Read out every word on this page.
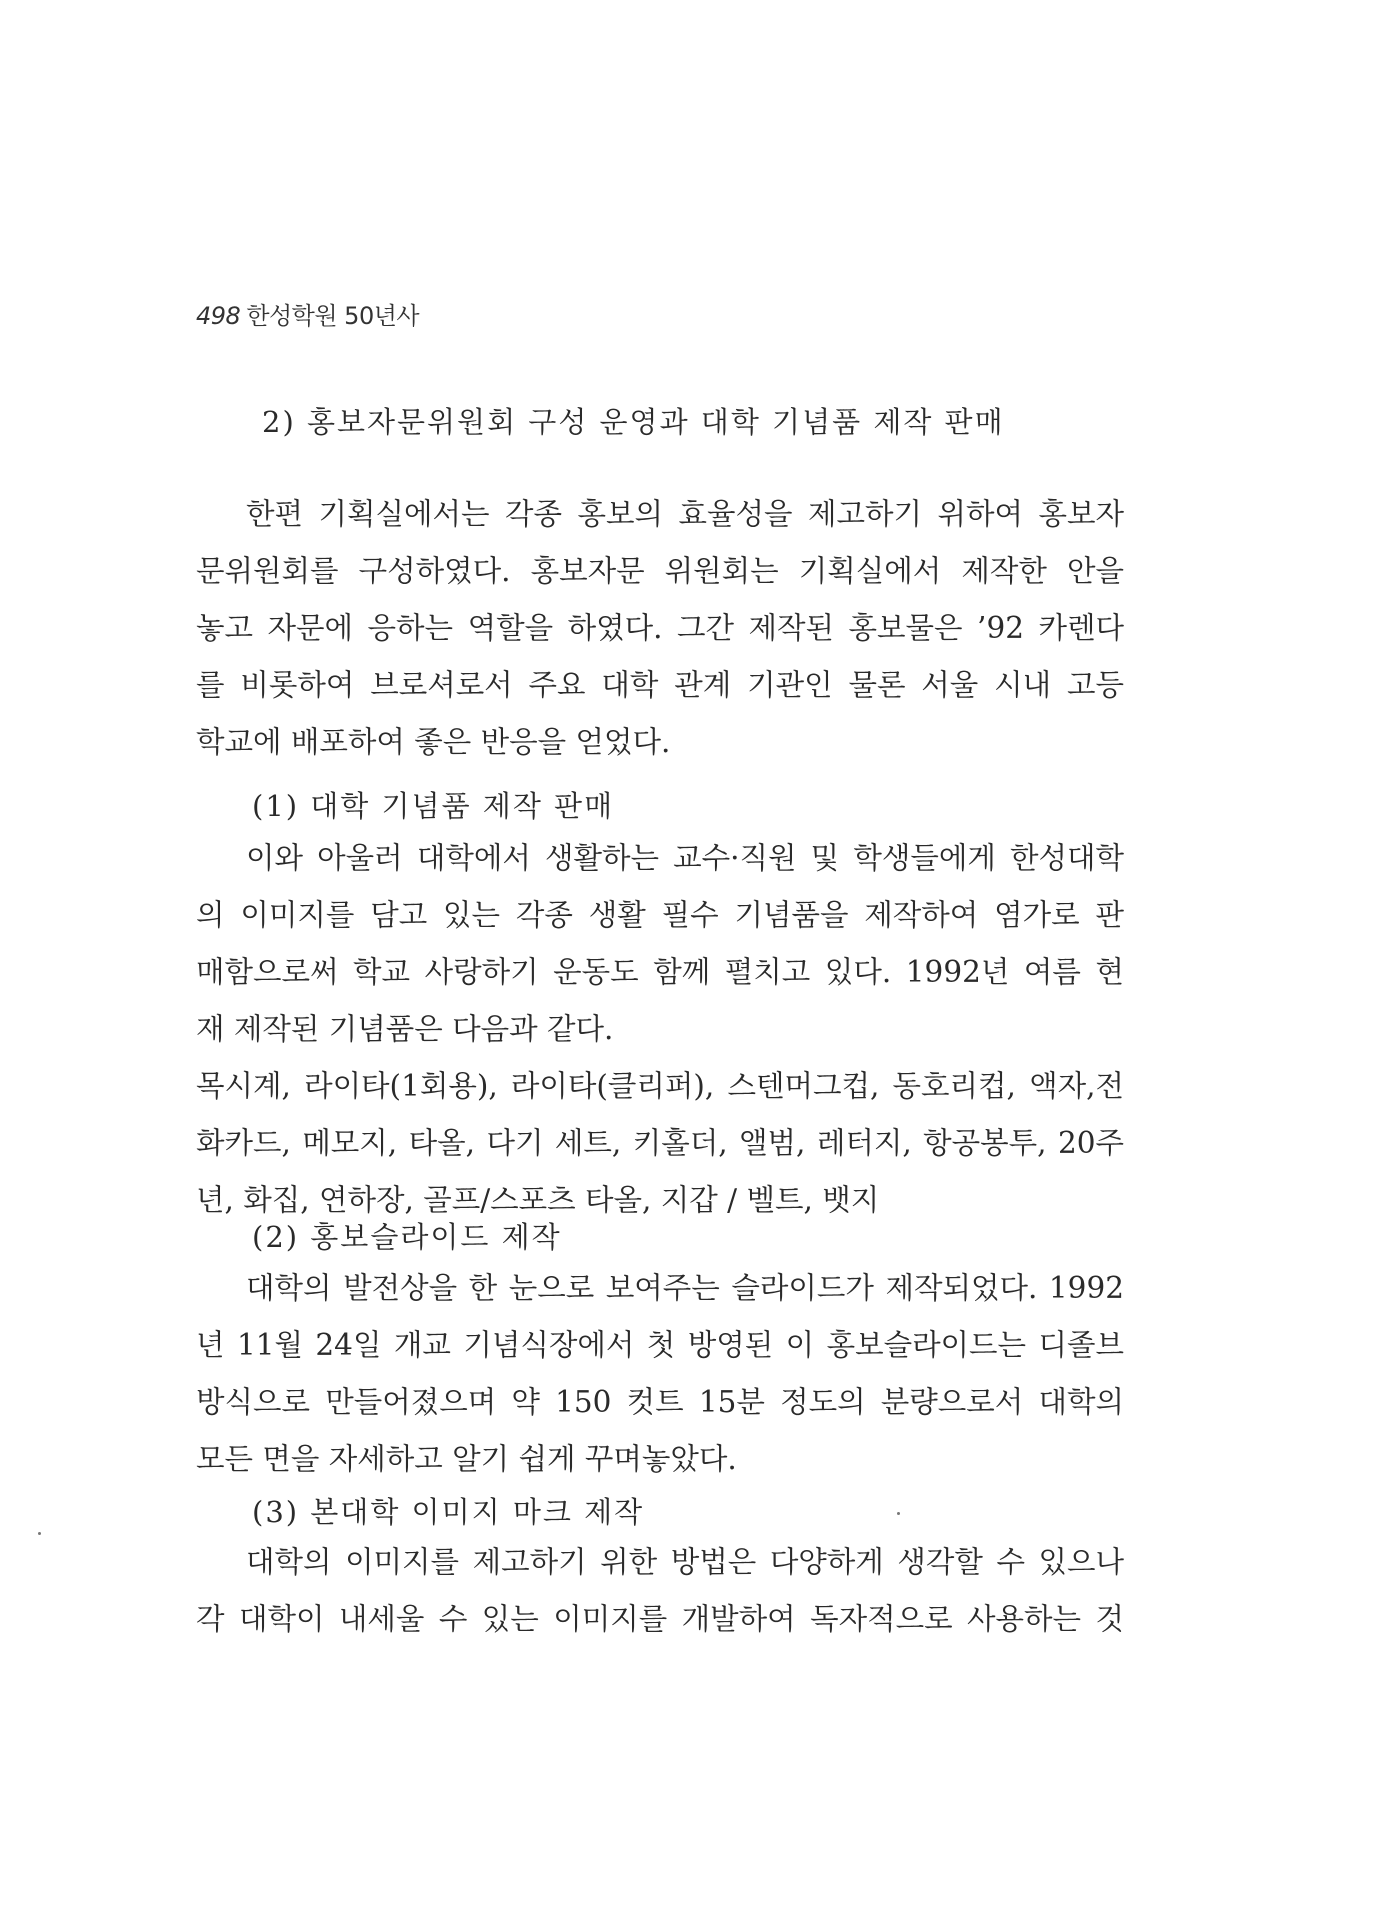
498 한성학원 50년사
2) 홍보자문위원회 구성 운영과 대학 기념품 제작 판매
한편 기획실에서는 각종 홍보의 효율성을 제고하기 위하여 홍보자
문위원회를 구성하였다. 홍보자문 위원회는 기획실에서 제작한 안을
놓고 자문에 응하는 역할을 하였다. 그간 제작된 홍보물은 ’92 카렌다
를 비롯하여 브로셔로서 주요 대학 관계 기관인 물론 서울 시내 고등
학교에 배포하여 좋은 반응을 얻었다.
(1) 대학 기념품 제작 판매
이와 아울러 대학에서 생활하는 교수·직원 및 학생들에게 한성대학
의 이미지를 담고 있는 각종 생활 필수 기념품을 제작하여 염가로 판
매함으로써 학교 사랑하기 운동도 함께 펼치고 있다. 1992년 여름 현
재 제작된 기념품은 다음과 같다.
목시계, 라이타(1회용), 라이타(클리퍼), 스텐머그컵, 동호리컵, 액자,전
화카드, 메모지, 타올, 다기 세트, 키홀더, 앨범, 레터지, 항공봉투, 20주
년, 화집, 연하장, 골프/스포츠 타올, 지갑 / 벨트, 뱃지
(2) 홍보슬라이드 제작
대학의 발전상을 한 눈으로 보여주는 슬라이드가 제작되었다. 1992
년 11월 24일 개교 기념식장에서 첫 방영된 이 홍보슬라이드는 디졸브
방식으로 만들어졌으며 약 150 컷트 15분 정도의 분량으로서 대학의
모든 면을 자세하고 알기 쉽게 꾸며놓았다.
(3) 본대학 이미지 마크 제작
대학의 이미지를 제고하기 위한 방법은 다양하게 생각할 수 있으나
각 대학이 내세울 수 있는 이미지를 개발하여 독자적으로 사용하는 것
